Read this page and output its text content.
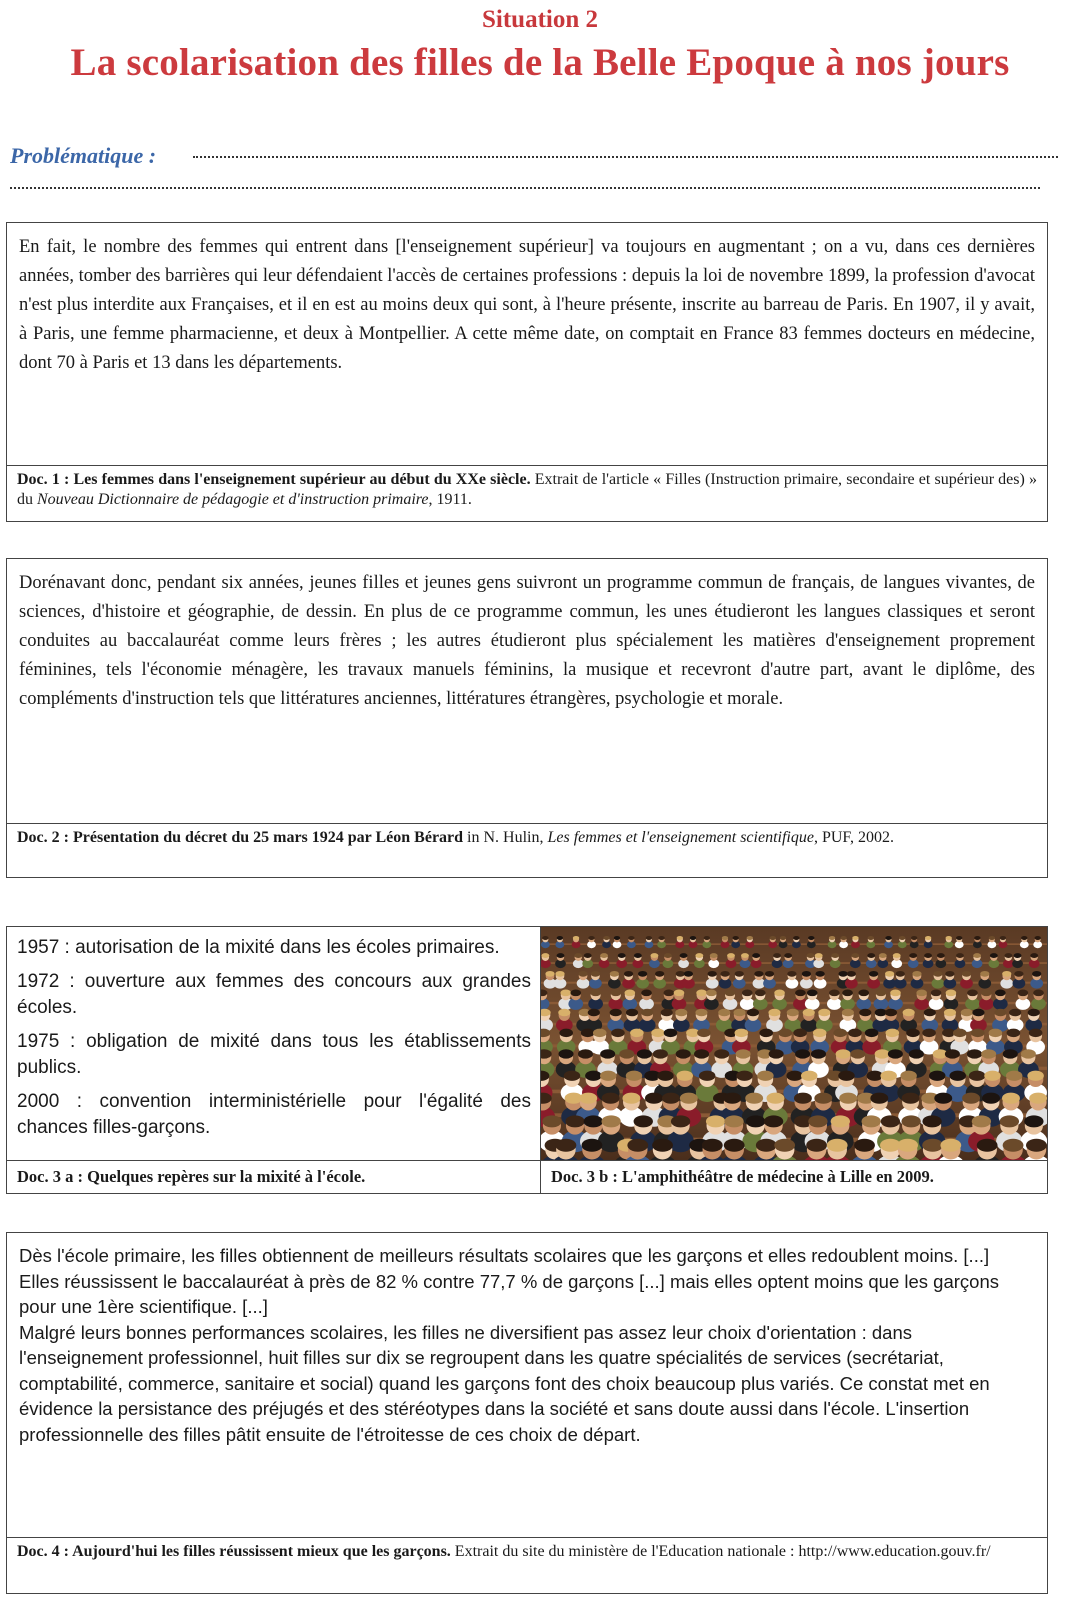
Situation 2
La scolarisation des filles de la Belle Epoque à nos jours
Problématique :
En fait, le nombre des femmes qui entrent dans [l'enseignement supérieur] va toujours en augmentant ; on a vu, dans ces dernières années, tomber des barrières qui leur défendaient l'accès de certaines professions : depuis la loi de novembre 1899, la profession d'avocat n'est plus interdite aux Françaises, et il en est au moins deux qui sont, à l'heure présente, inscrite au barreau de Paris. En 1907, il y avait, à Paris, une femme pharmacienne, et deux à Montpellier. A cette même date, on comptait en France 83 femmes docteurs en médecine, dont 70 à Paris et 13 dans les départements.
Doc. 1 : Les femmes dans l'enseignement supérieur au début du XXe siècle. Extrait de l'article « Filles (Instruction primaire, secondaire et supérieur des) » du Nouveau Dictionnaire de pédagogie et d'instruction primaire, 1911.
Dorénavant donc, pendant six années, jeunes filles et jeunes gens suivront un programme commun de français, de langues vivantes, de sciences, d'histoire et géographie, de dessin. En plus de ce programme commun, les unes étudieront les langues classiques et seront conduites au baccalauréat comme leurs frères ; les autres étudieront plus spécialement les matières d'enseignement proprement féminines, tels l'économie ménagère, les travaux manuels féminins, la musique et recevront d'autre part, avant le diplôme, des compléments d'instruction tels que littératures anciennes, littératures étrangères, psychologie et morale.
Doc. 2 : Présentation du décret du 25 mars 1924 par Léon Bérard in N. Hulin, Les femmes et l'enseignement scientifique, PUF, 2002.

1957 : autorisation de la mixité dans les écoles primaires.

1972 : ouverture aux femmes des concours aux grandes écoles.

1975 : obligation de mixité dans tous les établissements publics.

2000 : convention interministérielle pour l'égalité des chances filles-garçons.

Doc. 3 a : Quelques repères sur la mixité à l'école.	Doc. 3 b : L'amphithéâtre de médecine à Lille en 2009.

Dès l'école primaire, les filles obtiennent de meilleurs résultats scolaires que les garçons et elles redoublent moins. [...]

Elles réussissent le baccalauréat à près de 82 % contre 77,7 % de garçons [...] mais elles optent moins que les garçons pour une 1ère scientifique. [...]

Malgré leurs bonnes performances scolaires, les filles ne diversifient pas assez leur choix d'orientation : dans l'enseignement professionnel, huit filles sur dix se regroupent dans les quatre spécialités de services (secrétariat, comptabilité, commerce, sanitaire et social) quand les garçons font des choix beaucoup plus variés. Ce constat met en évidence la persistance des préjugés et des stéréotypes dans la société et sans doute aussi dans l'école. L'insertion professionnelle des filles pâtit ensuite de l'étroitesse de ces choix de départ.

Doc. 4 : Aujourd'hui les filles réussissent mieux que les garçons. Extrait du site du ministère de l'Education nationale : http://www.education.gouv.fr/
